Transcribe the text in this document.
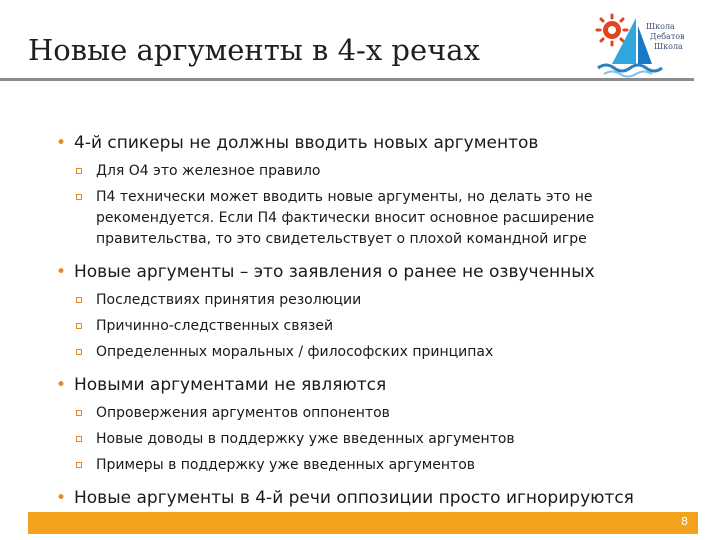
Новые аргументы в 4-х речах
Школа
Дебатов
Школа
• 4-й спикеры не должны вводить новых аргументов
Для О4 это железное правило
П4 технически может вводить новые аргументы, но делать это не рекомендуется. Если П4 фактически вносит основное расширение правительства, то это свидетельствует о плохой командной игре
• Новые аргументы – это заявления о ранее не озвученных
Последствиях принятия резолюции
Причинно-следственных связей
Определенных моральных / философских принципах
• Новыми аргументами не являются
Опровержения аргументов оппонентов
Новые доводы в поддержку уже введенных аргументов
Примеры в поддержку уже введенных аргументов
• Новые аргументы в 4-й речи оппозиции просто игнорируются
8
